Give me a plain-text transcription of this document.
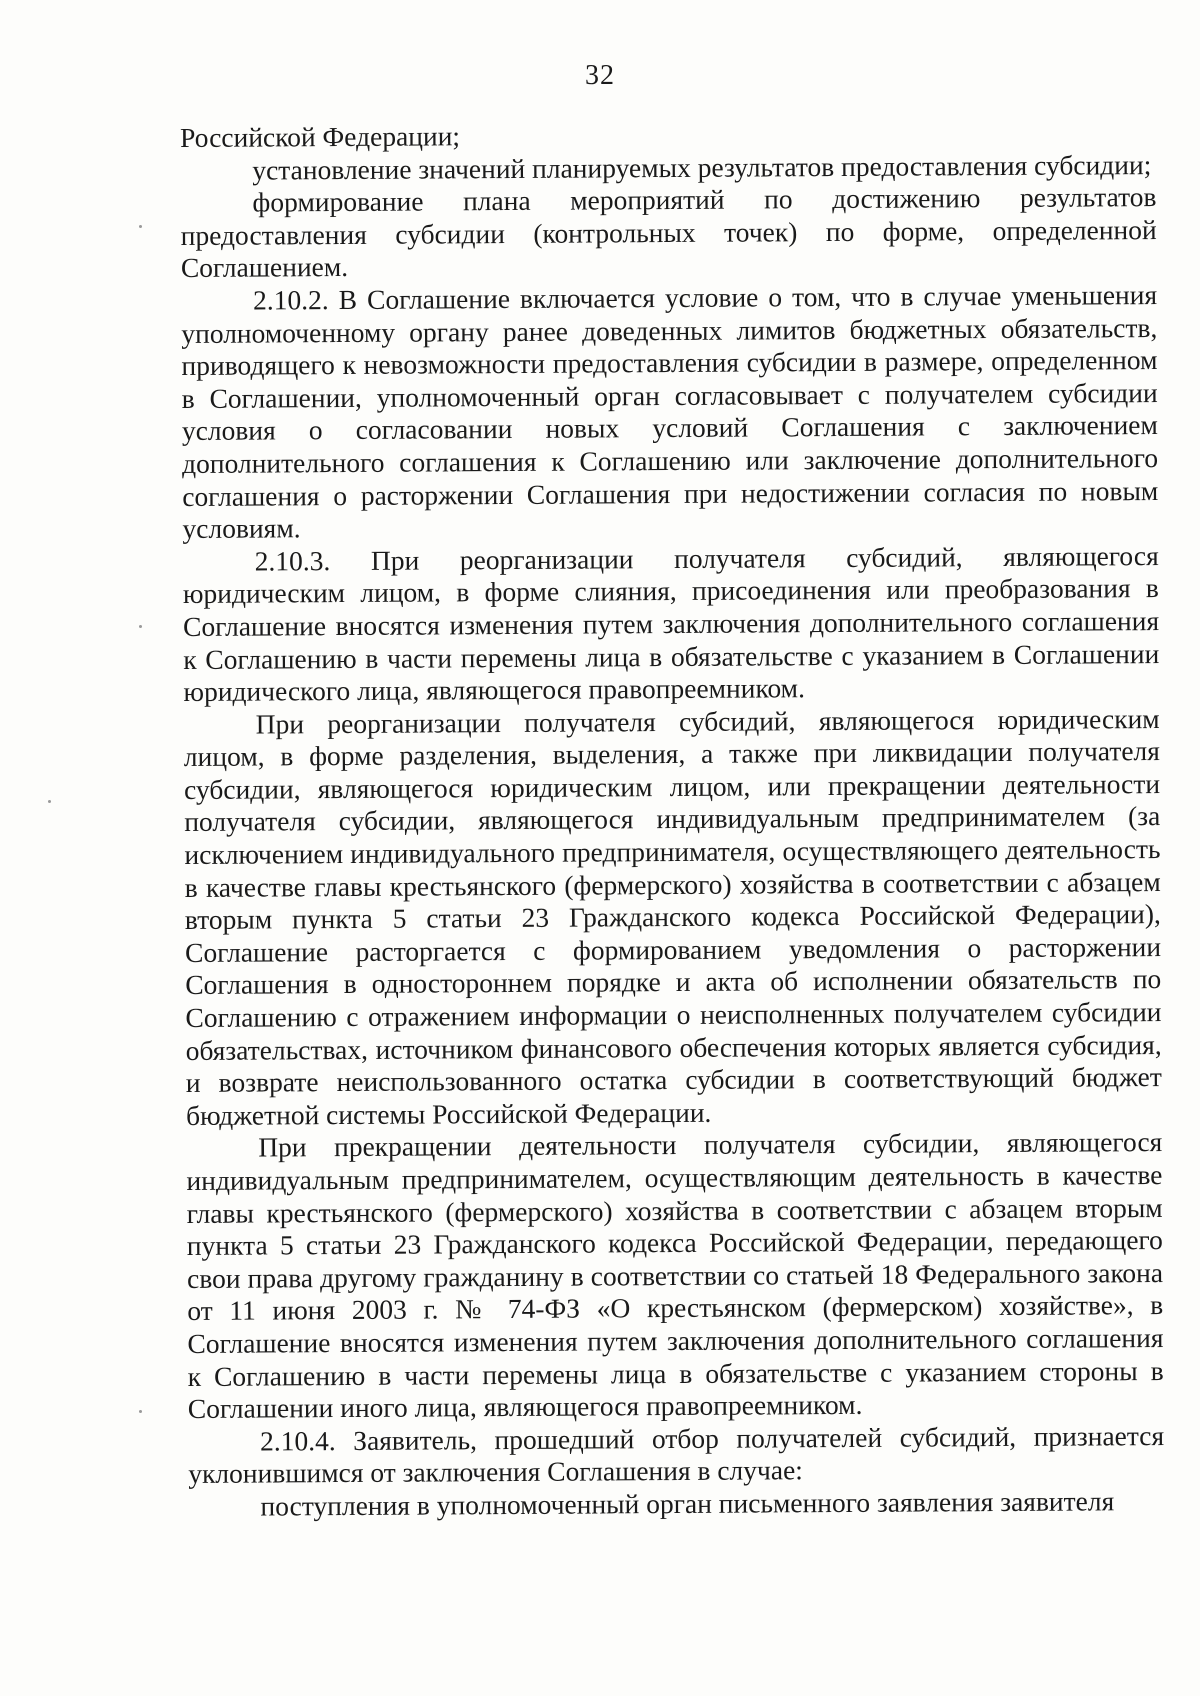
32

Российской Федерации;

установление значений планируемых результатов предоставления субсидии;

формирование плана мероприятий по достижению результатов предоставления субсидии (контрольных точек) по форме, определенной Соглашением.

2.10.2. В Соглашение включается условие о том, что в случае уменьшения уполномоченному органу ранее доведенных лимитов бюджетных обязательств, приводящего к невозможности предоставления субсидии в размере, определенном в Соглашении, уполномоченный орган согласовывает с получателем субсидии условия о согласовании новых условий Соглашения с заключением дополнительного соглашения к Соглашению или заключение дополнительного соглашения о расторжении Соглашения при недостижении согласия по новым условиям.

2.10.3. При реорганизации получателя субсидий, являющегося юридическим лицом, в форме слияния, присоединения или преобразования в Соглашение вносятся изменения путем заключения дополнительного соглашения к Соглашению в части перемены лица в обязательстве с указанием в Соглашении юридического лица, являющегося правопреемником.

При реорганизации получателя субсидий, являющегося юридическим лицом, в форме разделения, выделения, а также при ликвидации получателя субсидии, являющегося юридическим лицом, или прекращении деятельности получателя субсидии, являющегося индивидуальным предпринимателем (за исключением индивидуального предпринимателя, осуществляющего деятельность в качестве главы крестьянского (фермерского) хозяйства в соответствии с абзацем вторым пункта 5 статьи 23 Гражданского кодекса Российской Федерации), Соглашение расторгается с формированием уведомления о расторжении Соглашения в одностороннем порядке и акта об исполнении обязательств по Соглашению с отражением информации о неисполненных получателем субсидии обязательствах, источником финансового обеспечения которых является субсидия, и возврате неиспользованного остатка субсидии в соответствующий бюджет бюджетной системы Российской Федерации.

При прекращении деятельности получателя субсидии, являющегося индивидуальным предпринимателем, осуществляющим деятельность в качестве главы крестьянского (фермерского) хозяйства в соответствии с абзацем вторым пункта 5 статьи 23 Гражданского кодекса Российской Федерации, передающего свои права другому гражданину в соответствии со статьей 18 Федерального закона от 11 июня 2003 г. № 74-ФЗ «О крестьянском (фермерском) хозяйстве», в Соглашение вносятся изменения путем заключения дополнительного соглашения к Соглашению в части перемены лица в обязательстве с указанием стороны в Соглашении иного лица, являющегося правопреемником.

2.10.4. Заявитель, прошедший отбор получателей субсидий, признается уклонившимся от заключения Соглашения в случае:

поступления в уполномоченный орган письменного заявления заявителя
